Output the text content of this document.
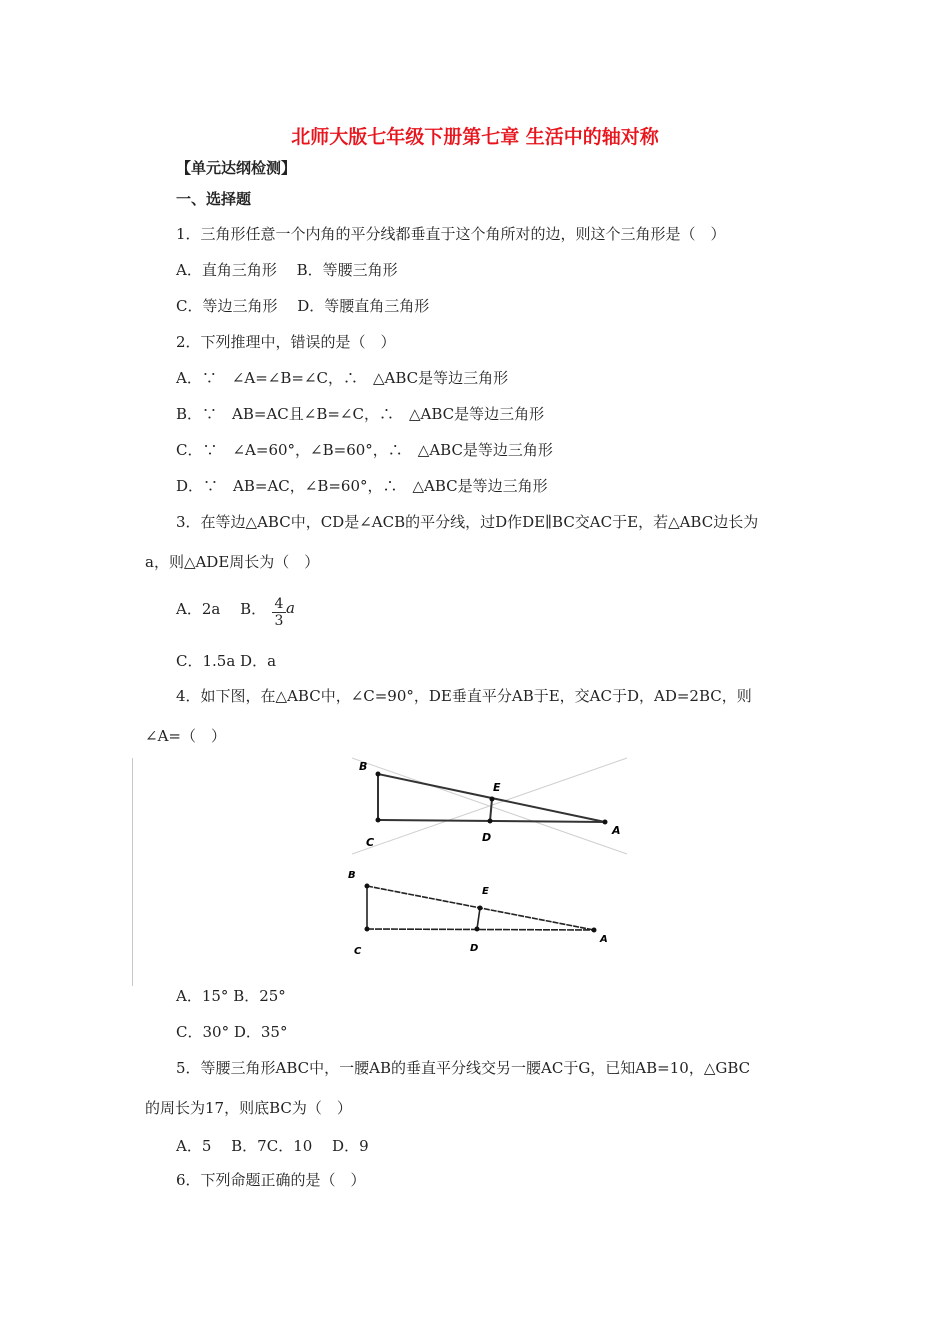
北师大版七年级下册第七章 生活中的轴对称
【单元达纲检测】
一、选择题
1．三角形任意一个内角的平分线都垂直于这个角所对的边，则这个三角形是（　）
A．直角三角形　 B．等腰三角形
C．等边三角形　 D．等腰直角三角形
2．下列推理中，错误的是（　）
A．∵　∠A=∠B=∠C，∴　△ABC是等边三角形
B．∵　AB=AC且∠B=∠C，∴　△ABC是等边三角形
C．∵　∠A=60°，∠B=60°，∴　△ABC是等边三角形
D．∵　AB=AC，∠B=60°，∴　△ABC是等边三角形
3．在等边△ABC中，CD是∠ACB的平分线，过D作DE∥BC交AC于E，若△ABC边长为
a，则△ADE周长为（　）
A．2a　 B． $\frac{4}{3}$ a
C．1.5a D．a
4．如下图，在△ABC中，∠C=90°，DE垂直平分AB于E，交AC于D，AD=2BC，则
∠A=（　）
B
C	D
E
A
B
C	D
E
A
A．15° B．25°
C．30° D．35°
5．等腰三角形ABC中，一腰AB的垂直平分线交另一腰AC于G，已知AB=10，△GBC
的周长为17，则底BC为（　）
A．5　 B．7C．10　 D．9
6．下列命题正确的是（　）
